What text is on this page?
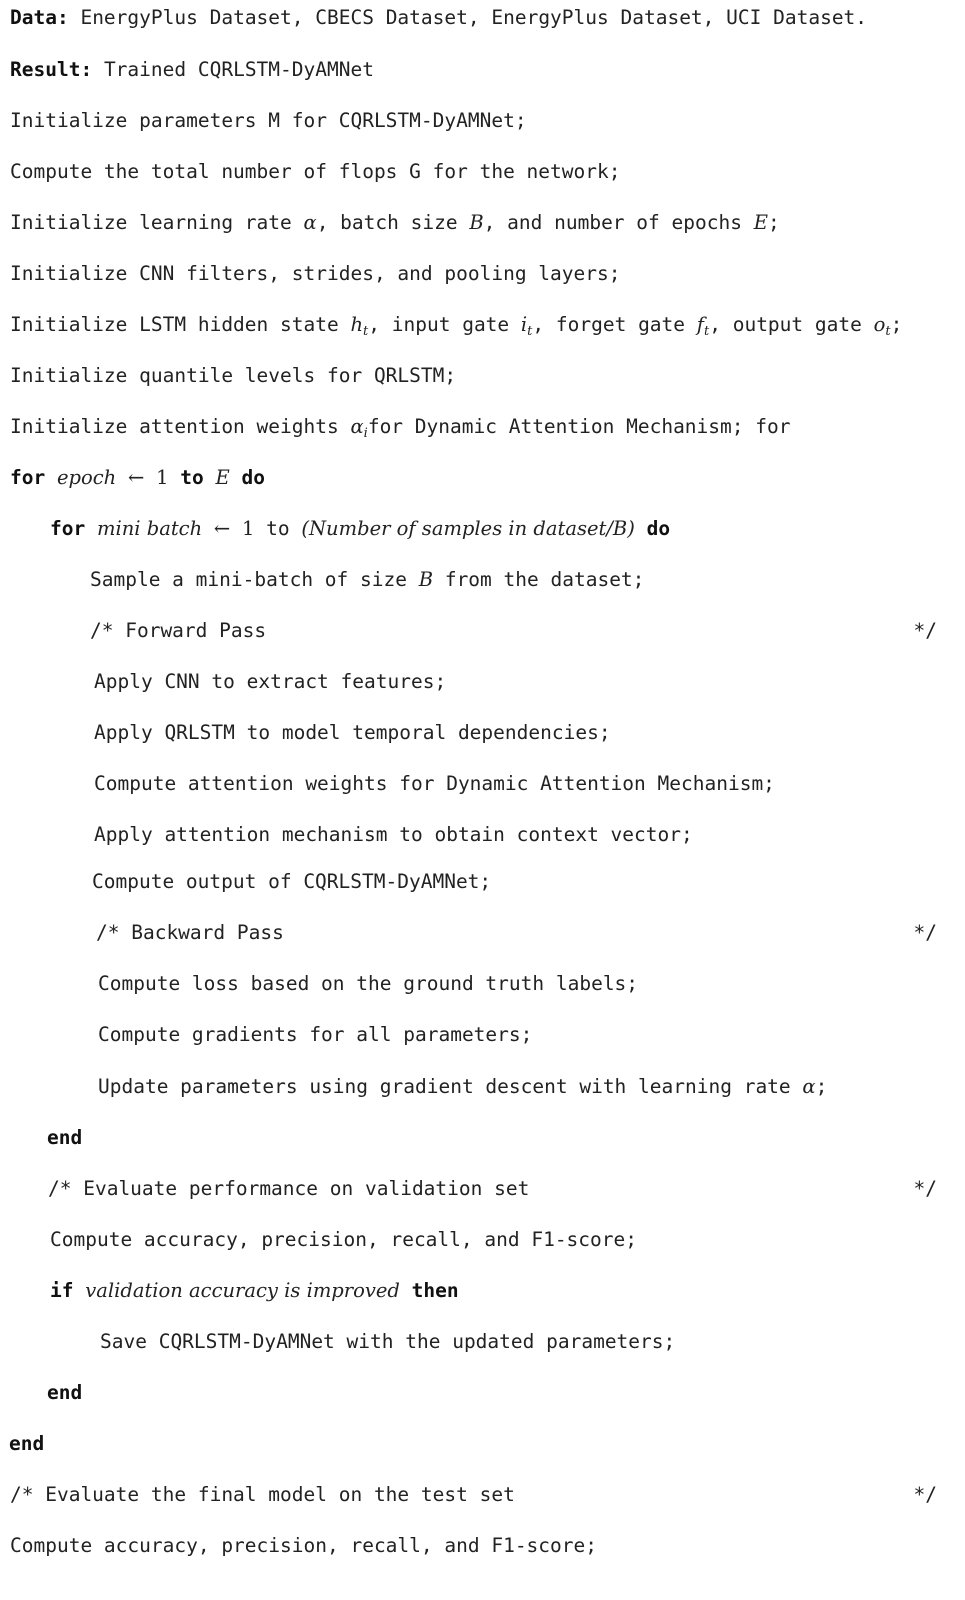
Data: EnergyPlus Dataset, CBECS Dataset, EnergyPlus Dataset, UCI Dataset.
Result: Trained CQRLSTM-DyAMNet
Initialize parameters M for CQRLSTM-DyAMNet;
Compute the total number of flops G for the network;
Initialize learning rate α, batch size B, and number of epochs E;
Initialize CNN filters, strides, and pooling layers;
Initialize LSTM hidden state $h_t$, input gate $i_t$, forget gate $f_t$, output gate $o_t$;
Initialize quantile levels for QRLSTM;
Initialize attention weights $\alpha_ifor$ Dynamic Attention Mechanism; for
for epoch ← 1 to E do
for mini batch ← 1 to (Number of samples in dataset/B) do
Sample a mini-batch of size B from the dataset;
/* Forward Pass	*/
Apply CNN to extract features;
Apply QRLSTM to model temporal dependencies;
Compute attention weights for Dynamic Attention Mechanism;
Apply attention mechanism to obtain context vector;
Compute output of CQRLSTM-DyAMNet;
/* Backward Pass	*/
Compute loss based on the ground truth labels;
Compute gradients for all parameters;
Update parameters using gradient descent with learning rate α;
end
/* Evaluate performance on validation set	*/
Compute accuracy, precision, recall, and F1-score;
if validation accuracy is improved then
Save CQRLSTM-DyAMNet with the updated parameters;
end
end
/* Evaluate the final model on the test set	*/
Compute accuracy, precision, recall, and F1-score;
